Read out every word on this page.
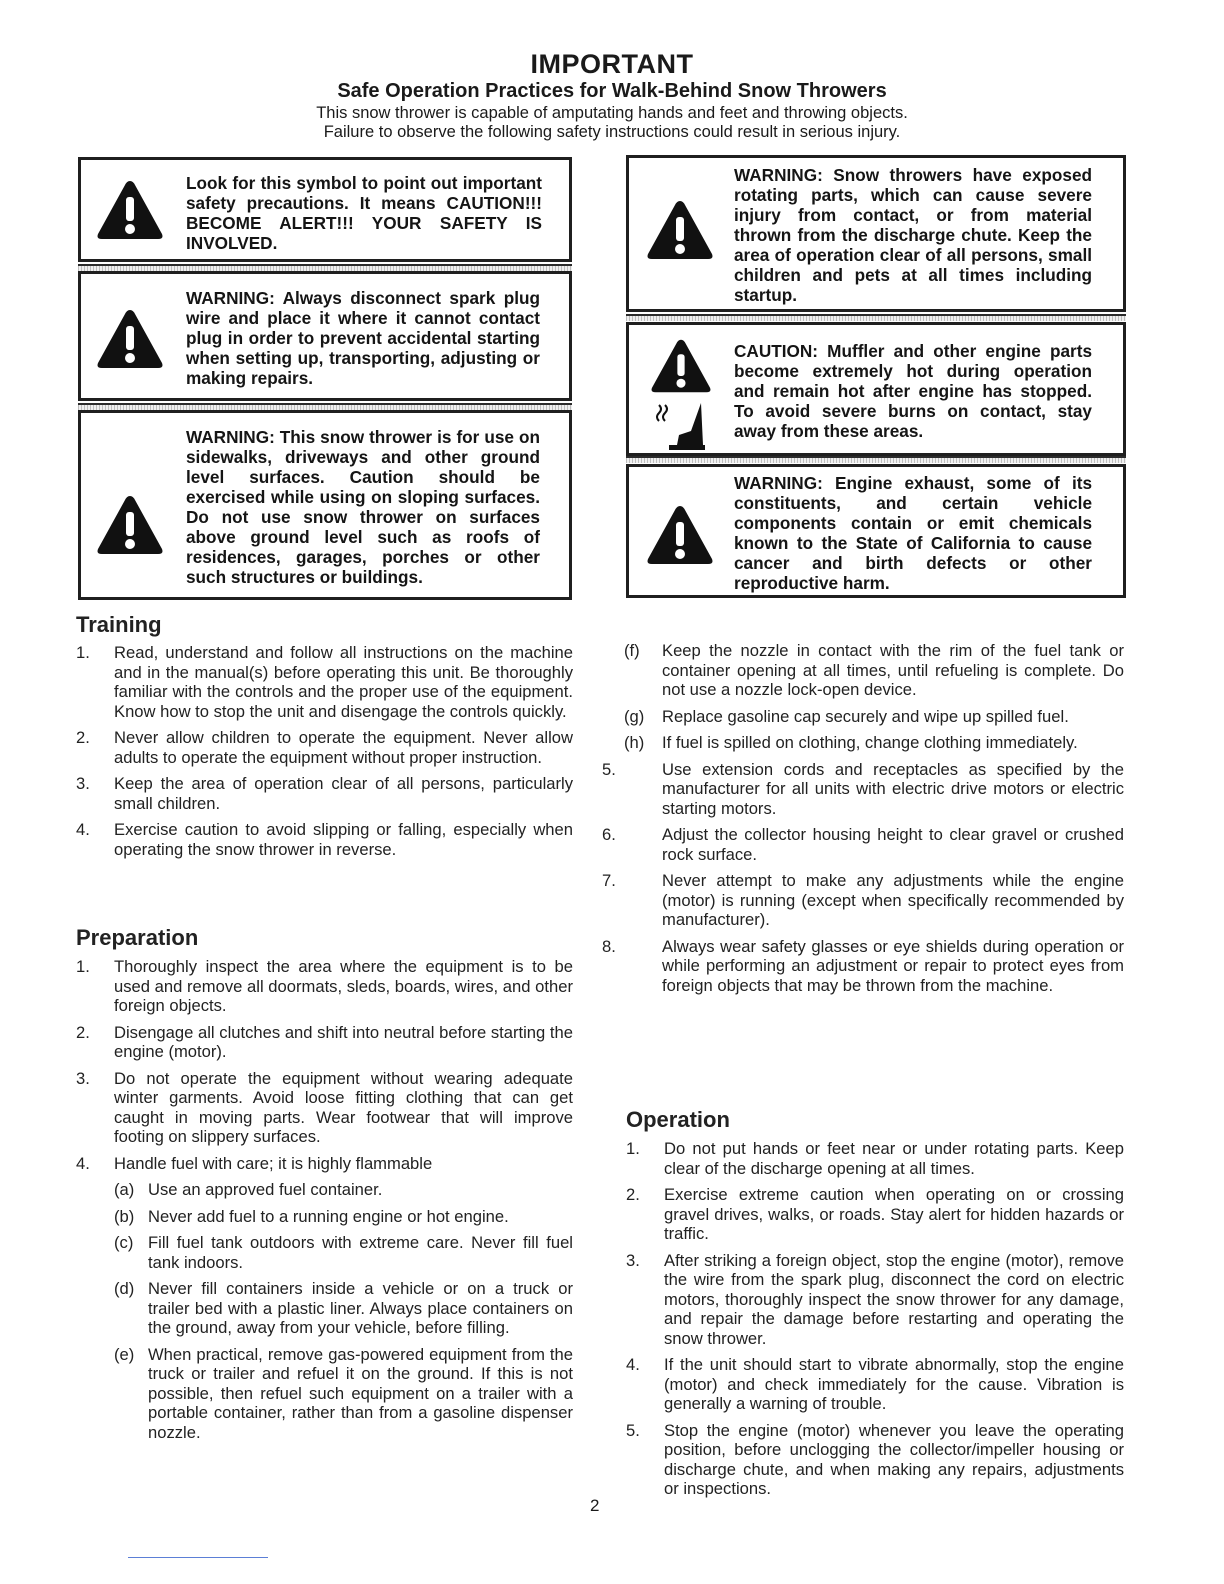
IMPORTANT
Safe Operation Practices for Walk-Behind Snow Throwers
This snow thrower is capable of amputating hands and feet and throwing objects.
Failure to observe the following safety instructions could result in serious injury.
Look for this symbol to point out important safety precautions. It means CAUTION!!! BECOME ALERT!!! YOUR SAFETY IS INVOLVED.
WARNING: Always disconnect spark plug wire and place it where it cannot contact plug in order to prevent accidental starting when setting up, transporting, adjusting or making repairs.
WARNING: This snow thrower is for use on sidewalks, driveways and other ground level surfaces. Caution should be exercised while using on sloping surfaces. Do not use snow thrower on surfaces above ground level such as roofs of residences, garages, porches or other such structures or buildings.
WARNING: Snow throwers have exposed rotating parts, which can cause severe injury from contact, or from material thrown from the discharge chute. Keep the area of operation clear of all persons, small children and pets at all times including startup.
CAUTION: Muffler and other engine parts become extremely hot during operation and remain hot after engine has stopped. To avoid severe burns on contact, stay away from these areas.
WARNING: Engine exhaust, some of its constituents, and certain vehicle components contain or emit chemicals known to the State of California to cause cancer and birth defects or other reproductive harm.
Training
1. Read, understand and follow all instructions on the machine and in the manual(s) before operating this unit. Be thoroughly familiar with the controls and the proper use of the equipment. Know how to stop the unit and disengage the controls quickly.
2. Never allow children to operate the equipment. Never allow adults to operate the equipment without proper instruction.
3. Keep the area of operation clear of all persons, particularly small children.
4. Exercise caution to avoid slipping or falling, especially when operating the snow thrower in reverse.
Preparation
1. Thoroughly inspect the area where the equipment is to be used and remove all doormats, sleds, boards, wires, and other foreign objects.
2. Disengage all clutches and shift into neutral before starting the engine (motor).
3. Do not operate the equipment without wearing adequate winter garments. Avoid loose fitting clothing that can get caught in moving parts. Wear footwear that will improve footing on slippery surfaces.
4. Handle fuel with care; it is highly flammable
(a) Use an approved fuel container.
(b) Never add fuel to a running engine or hot engine.
(c) Fill fuel tank outdoors with extreme care. Never fill fuel tank indoors.
(d) Never fill containers inside a vehicle or on a truck or trailer bed with a plastic liner. Always place containers on the ground, away from your vehicle, before filling.
(e) When practical, remove gas-powered equipment from the truck or trailer and refuel it on the ground. If this is not possible, then refuel such equipment on a trailer with a portable container, rather than from a gasoline dispenser nozzle.
(f) Keep the nozzle in contact with the rim of the fuel tank or container opening at all times, until refueling is complete. Do not use a nozzle lock-open device.
(g) Replace gasoline cap securely and wipe up spilled fuel.
(h) If fuel is spilled on clothing, change clothing immediately.
5.	Use extension cords and receptacles as specified by the manufacturer for all units with electric drive motors or electric starting motors.
6.	Adjust the collector housing height to clear gravel or crushed rock surface.
7.	Never attempt to make any adjustments while the engine (motor) is running (except when specifically recommended by manufacturer).
8.	Always wear safety glasses or eye shields during operation or while performing an adjustment or repair to protect eyes from foreign objects that may be thrown from the machine.
Operation
1. Do not put hands or feet near or under rotating parts. Keep clear of the discharge opening at all times.
2. Exercise extreme caution when operating on or crossing gravel drives, walks, or roads. Stay alert for hidden hazards or traffic.
3. After striking a foreign object, stop the engine (motor), remove the wire from the spark plug, disconnect the cord on electric motors, thoroughly inspect the snow thrower for any damage, and repair the damage before restarting and operating the snow thrower.
4. If the unit should start to vibrate abnormally, stop the engine (motor) and check immediately for the cause. Vibration is generally a warning of trouble.
5. Stop the engine (motor) whenever you leave the operating position, before unclogging the collector/impeller housing or discharge chute, and when making any repairs, adjustments or inspections.
2
